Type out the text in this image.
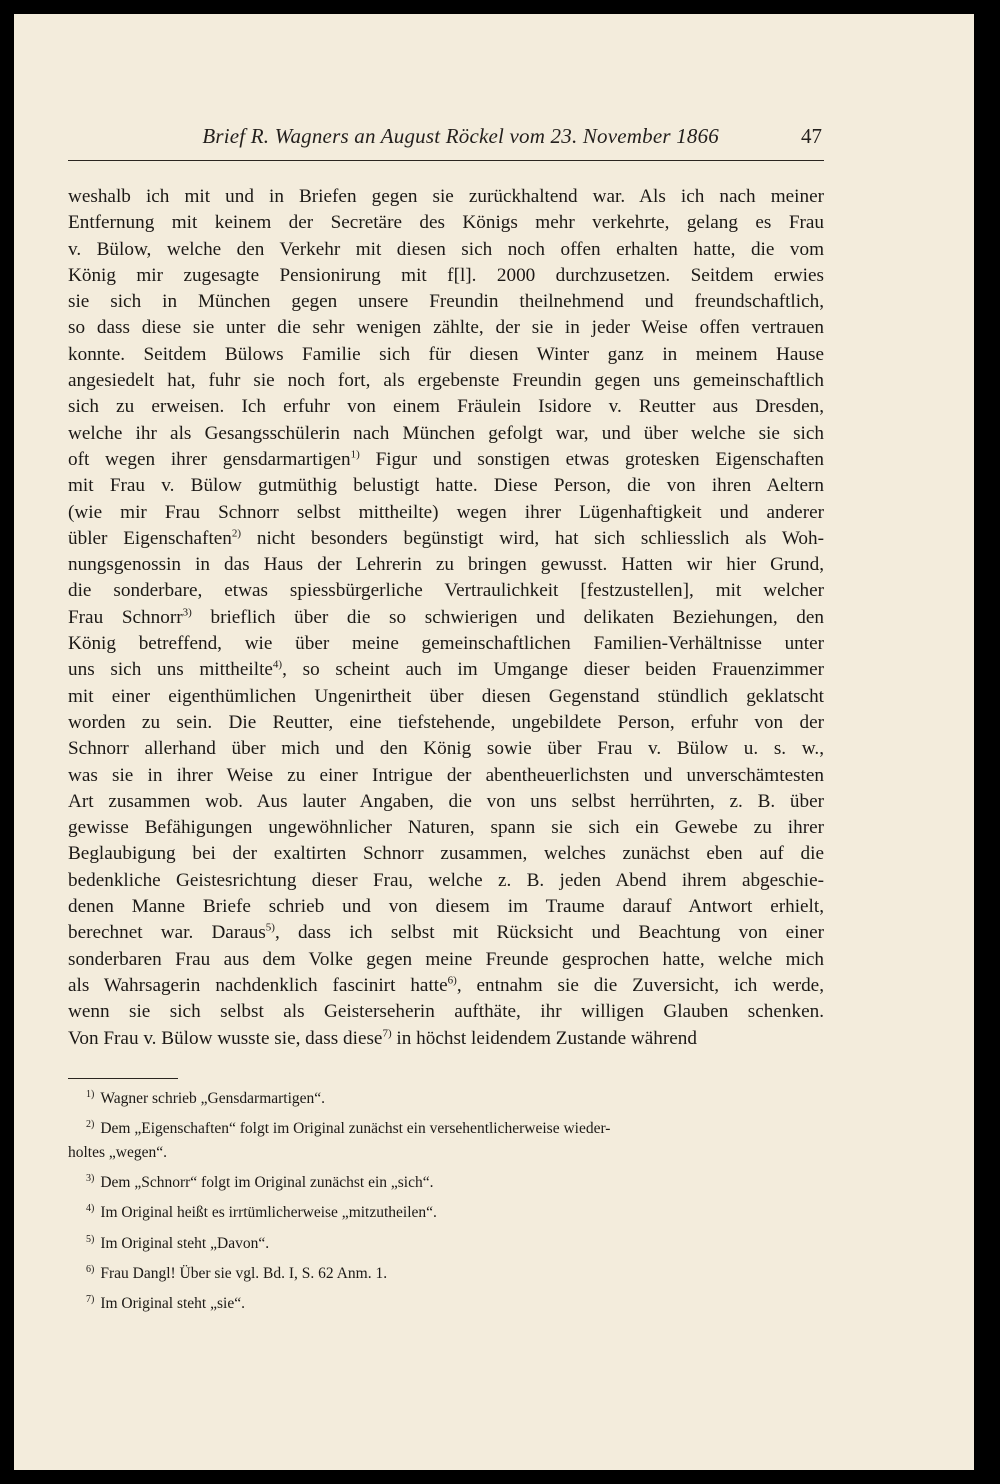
Brief R. Wagners an August Röckel vom 23. November 1866	47
weshalb ich mit und in Briefen gegen sie zurückhaltend war. Als ich nach meiner
Entfernung mit keinem der Secretäre des Königs mehr verkehrte, gelang es Frau
v. Bülow, welche den Verkehr mit diesen sich noch offen erhalten hatte, die vom
König mir zugesagte Pensionirung mit f[l]. 2000 durchzusetzen. Seitdem erwies
sie sich in München gegen unsere Freundin theilnehmend und freundschaftlich,
so dass diese sie unter die sehr wenigen zählte, der sie in jeder Weise offen vertrauen
konnte. Seitdem Bülows Familie sich für diesen Winter ganz in meinem Hause
angesiedelt hat, fuhr sie noch fort, als ergebenste Freundin gegen uns gemeinschaftlich
sich zu erweisen. Ich erfuhr von einem Fräulein Isidore v. Reutter aus Dresden,
welche ihr als Gesangsschülerin nach München gefolgt war, und über welche sie sich
oft wegen ihrer gensdarmartigen$^{1)}$ Figur und sonstigen etwas grotesken Eigenschaften
mit Frau v. Bülow gutmüthig belustigt hatte. Diese Person, die von ihren Aeltern
(wie mir Frau Schnorr selbst mittheilte) wegen ihrer Lügenhaftigkeit und anderer
übler Eigenschaften$^{2)}$ nicht besonders begünstigt wird, hat sich schliesslich als Woh-
nungsgenossin in das Haus der Lehrerin zu bringen gewusst. Hatten wir hier Grund,
die sonderbare, etwas spiessbürgerliche Vertraulichkeit [festzustellen], mit welcher
Frau Schnorr$^{3)}$ brieflich über die so schwierigen und delikaten Beziehungen, den
König betreffend, wie über meine gemeinschaftlichen Familien-Verhältnisse unter
uns sich uns mittheilte$^{4)}$, so scheint auch im Umgange dieser beiden Frauenzimmer
mit einer eigenthümlichen Ungenirtheit über diesen Gegenstand stündlich geklatscht
worden zu sein. Die Reutter, eine tiefstehende, ungebildete Person, erfuhr von der
Schnorr allerhand über mich und den König sowie über Frau v. Bülow u. s. w.,
was sie in ihrer Weise zu einer Intrigue der abentheuerlichsten und unverschämtesten
Art zusammen wob. Aus lauter Angaben, die von uns selbst herrührten, z. B. über
gewisse Befähigungen ungewöhnlicher Naturen, spann sie sich ein Gewebe zu ihrer
Beglaubigung bei der exaltirten Schnorr zusammen, welches zunächst eben auf die
bedenkliche Geistesrichtung dieser Frau, welche z. B. jeden Abend ihrem abgeschie-
denen Manne Briefe schrieb und von diesem im Traume darauf Antwort erhielt,
berechnet war. Daraus$^{5)}$, dass ich selbst mit Rücksicht und Beachtung von einer
sonderbaren Frau aus dem Volke gegen meine Freunde gesprochen hatte, welche mich
als Wahrsagerin nachdenklich fascinirt hatte$^{6)}$, entnahm sie die Zuversicht, ich werde,
wenn sie sich selbst als Geisterseherin aufthäte, ihr willigen Glauben schenken.
Von Frau v. Bülow wusste sie, dass diese$^{7)}$ in höchst leidendem Zustande während
$^{1)}$ Wagner schrieb „Gensdarmartigen“.
$^{2)}$ Dem „Eigenschaften“ folgt im Original zunächst ein versehentlicherweise wieder-
holtes „wegen“.
$^{3)}$ Dem „Schnorr“ folgt im Original zunächst ein „sich“.
$^{4)}$ Im Original heißt es irrtümlicherweise „mitzutheilen“.
$^{5)}$ Im Original steht „Davon“.
$^{6)}$ Frau Dangl! Über sie vgl. Bd. I, S. 62 Anm. 1.
$^{7)}$ Im Original steht „sie“.
